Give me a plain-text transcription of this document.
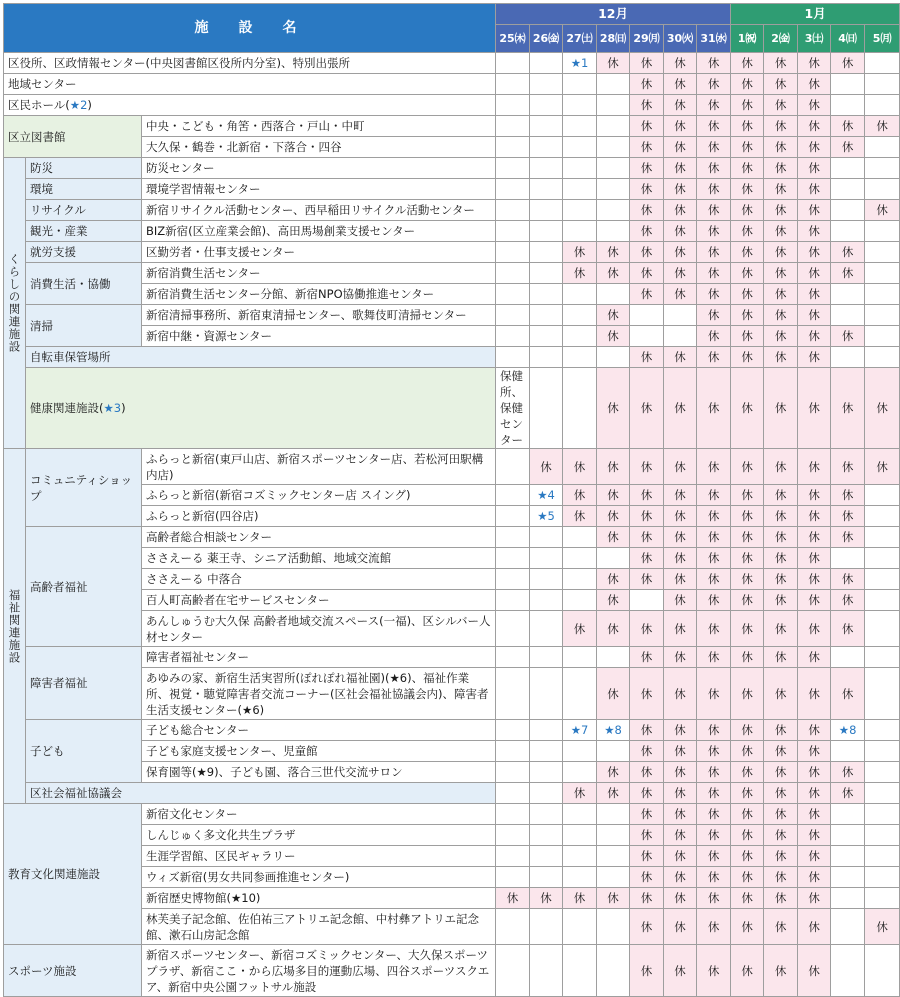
施　設　名			12月							1月					
			25㈭	26㈮	27㈯	28㈰	29㈪	30㈫	31㈬	1㈷	2㈮	3㈯	4㈰	5㈪	
区役所、区政情報センター(中央図書館区役所内分室)、特別出張所					★1	休	休	休	休	休	休	休	休		
地域センター							休	休	休	休	休	休			
区民ホール(★2)							休	休	休	休	休	休			
区立図書館		中央・こども・角筈・西落合・戸山・中町					休	休	休	休	休	休	休	休	
		大久保・鶴巻・北新宿・下落合・四谷					休	休	休	休	休	休	休		
くらしの関連施設	防災	防災センター					休	休	休	休	休	休			
	環境	環境学習情報センター					休	休	休	休	休	休			
	リサイクル	新宿リサイクル活動センター、西早稲田リサイクル活動センター					休	休	休	休	休	休		休	
	観光・産業	BIZ新宿(区立産業会館)、高田馬場創業支援センター					休	休	休	休	休	休			
	就労支援	区勤労者・仕事支援センター			休	休	休	休	休	休	休	休	休		
	消費生活・協働	新宿消費生活センター			休	休	休	休	休	休	休	休	休		
		新宿消費生活センター分館、新宿NPO協働推進センター					休	休	休	休	休	休			
	清掃	新宿清掃事務所、新宿東清掃センター、歌舞伎町清掃センター				休			休	休	休	休			
		新宿中継・資源センター				休			休	休	休	休	休		
	自転車保管場所						休	休	休	休	休	休			
	健康関連施設(★3)		保健所、保健センター			休	休	休	休	休	休	休	休	休	
福祉関連施設	コミュニティショップ	ふらっと新宿(東戸山店、新宿スポーツセンター店、若松河田駅構内店)		休	休	休	休	休	休	休	休	休	休	休	
		ふらっと新宿(新宿コズミックセンター店 スイング)		★4	休	休	休	休	休	休	休	休	休		
		ふらっと新宿(四谷店)		★5	休	休	休	休	休	休	休	休	休		
	高齢者福祉	高齢者総合相談センター				休	休	休	休	休	休	休	休		
		ささえーる 薬王寺、シニア活動館、地域交流館					休	休	休	休	休	休			
		ささえーる 中落合				休	休	休	休	休	休	休	休		
		百人町高齢者在宅サービスセンター				休		休	休	休	休	休	休		
		あんしゅうむ大久保 高齢者地域交流スペース(一福)、区シルバー人材センター			休	休	休	休	休	休	休	休	休		
	障害者福祉	障害者福祉センター					休	休	休	休	休	休			
		あゆみの家、新宿生活実習所(ぽれぽれ福祉園)(★6)、福祉作業所、視覚・聴覚障害者交流コーナー(区社会福祉協議会内)、障害者生活支援センター(★6)				休	休	休	休	休	休	休	休		
	子ども	子ども総合センター			★7	★8	休	休	休	休	休	休	★8		
		子ども家庭支援センター、児童館					休	休	休	休	休	休			
		保育園等(★9)、子ども園、落合三世代交流サロン				休	休	休	休	休	休	休	休		
	区社会福祉協議会				休	休	休	休	休	休	休	休	休		
教育文化関連施設		新宿文化センター					休	休	休	休	休	休			
		しんじゅく多文化共生プラザ					休	休	休	休	休	休			
		生涯学習館、区民ギャラリー					休	休	休	休	休	休			
		ウィズ新宿(男女共同参画推進センター)					休	休	休	休	休	休			
		新宿歴史博物館(★10)	休	休	休	休	休	休	休	休	休	休			
		林芙美子記念館、佐伯祐三アトリエ記念館、中村彝アトリエ記念館、漱石山房記念館					休	休	休	休	休	休		休	
スポーツ施設		新宿スポーツセンター、新宿コズミックセンター、大久保スポーツプラザ、新宿ここ・から広場多目的運動広場、四谷スポーツスクエア、新宿中央公園フットサル施設					休	休	休	休	休	休			
